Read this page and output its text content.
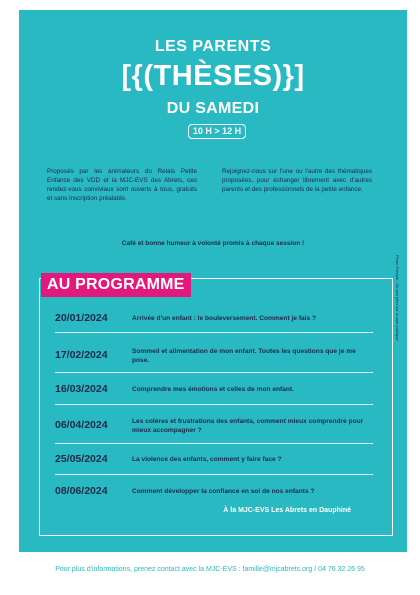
LES PARENTS
[{(THÈSES)}]
DU SAMEDI
10 H > 12 H
Proposés par les animateurs du Relais Petite Enfance des VDD et la MJC-EVS des Abrets, ces rendez-vous conviviaux sont ouverts à tous, gratuits et sans inscription préalable.
Rejoignez-nous sur l'une ou l'autre des thématiques proposées, pour échanger librement avec d'autres parents et des professionnels de la petite enfance.
Café et bonne humeur à volonté promis à chaque session !
AU PROGRAMME
20/01/2024	Arrivée d'un enfant : le bouleversement. Comment je fais ?
17/02/2024	Sommeil et alimentation de mon enfant. Toutes les questions que je me pose.
16/03/2024	Comprendre mes émotions et celles de mon enfant.
06/04/2024	Les colères et frustrations des enfants, comment mieux comprendre pour mieux accompagner ?
25/05/2024	La violence des enfants, comment y faire face ?
08/06/2024	Comment développer la confiance en soi de nos enfants ?
À la MJC-EVS Les Abrets en Dauphiné
Photo Freepik - Ne pas jeter sur la voie publique
Pour plus d'informations, prenez contact avec la MJC-EVS : famille@mjcabrets.org / 04 76 32 26 95
